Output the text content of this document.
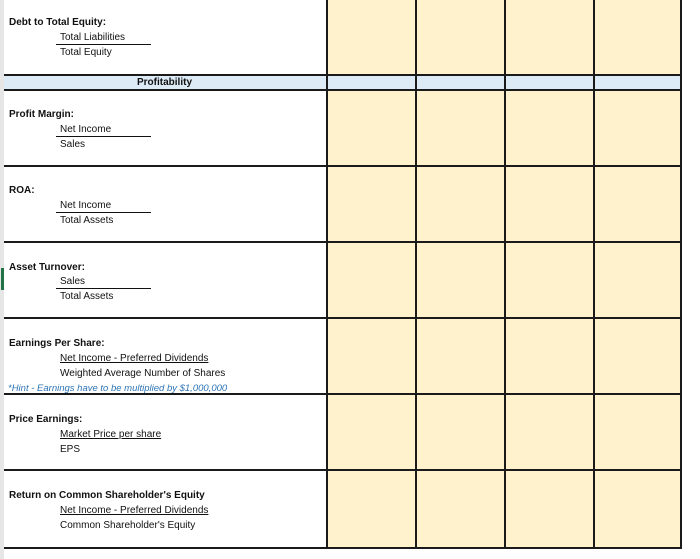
Profitability
Debt to Total Equity:
Total Liabilities
Total Equity
Profit Margin:
Net Income
Sales
ROA:
Net Income
Total Assets
Asset Turnover:
Sales
Total Assets
Earnings Per Share:
Net Income - Preferred Dividends
Weighted Average Number of Shares
*Hint - Earnings have to be multiplied by $1,000,000
Price Earnings:
Market Price per share
EPS
Return on Common Shareholder's Equity
Net Income - Preferred Dividends
Common Shareholder's Equity
